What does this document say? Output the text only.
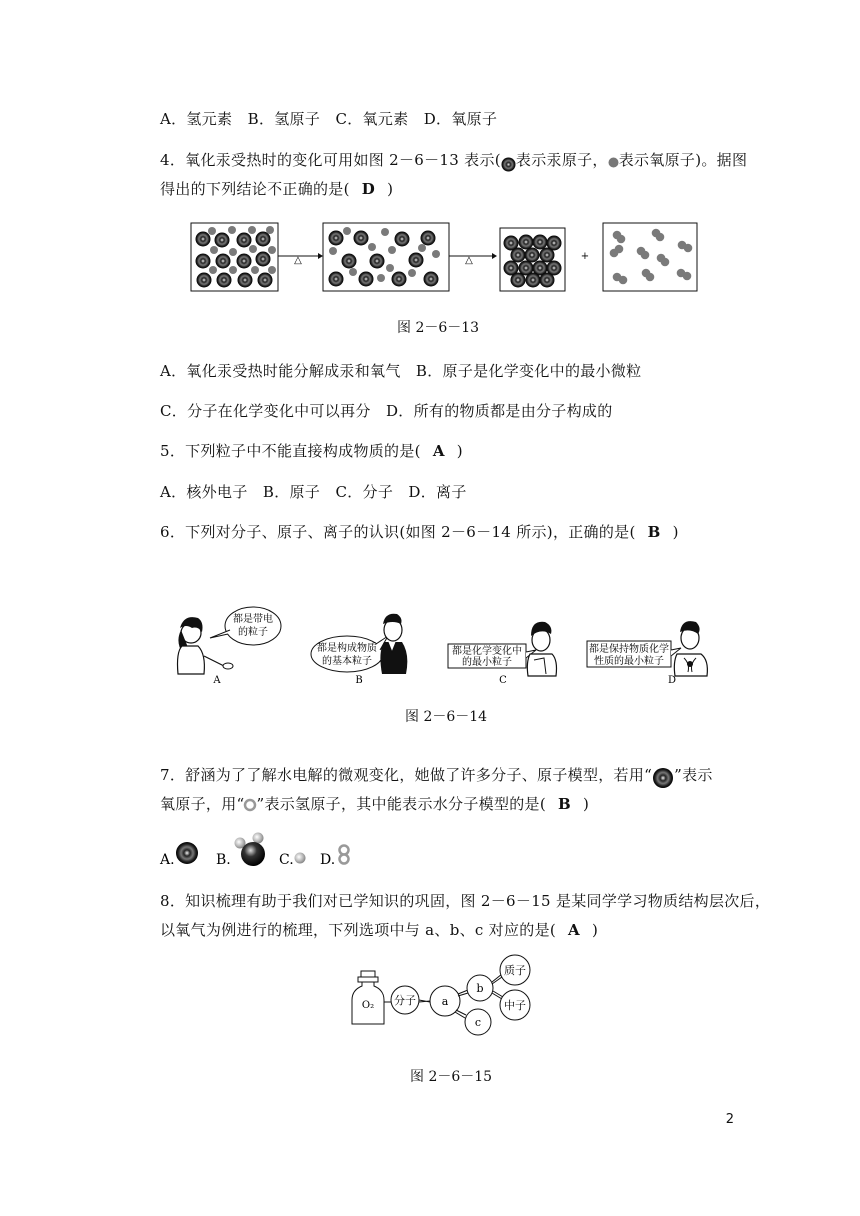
A．氢元素　B．氢原子　C．氧元素　D．氧原子
4．氧化汞受热时的变化可用如图 2－6－13 表示( 表示汞原子， 表示氧原子)。据图
得出的下列结论不正确的是( D )
△	△	+
图 2－6－13
A．氧化汞受热时能分解成汞和氧气　B．原子是化学变化中的最小微粒
C．分子在化学变化中可以再分　D．所有的物质都是由分子构成的
5．下列粒子中不能直接构成物质的是( A )
A．核外电子　B．原子　C．分子　D．离子
6．下列对分子、原子、离子的认识(如图 2－6－14 所示)，正确的是( B )
都是带电
的粒子
A
都是构成物质
的基本粒子
B
都是化学变化中
的最小粒子
C
都是保持物质化学
性质的最小粒子
D
图 2－6－14
7．舒涵为了了解水电解的微观变化，她做了许多分子、原子模型，若用“ ”表示
氧原子，用“ ”表示氢原子，其中能表示水分子模型的是( B )
A.	B.	C. D.
8．知识梳理有助于我们对已学知识的巩固，图 2－6－15 是某同学学习物质结构层次后，
以氧气为例进行的梳理，下列选项中与 a、b、c 对应的是( A )
O₂ 分子 a
b
c
质子
中子
图 2－6－15
2
